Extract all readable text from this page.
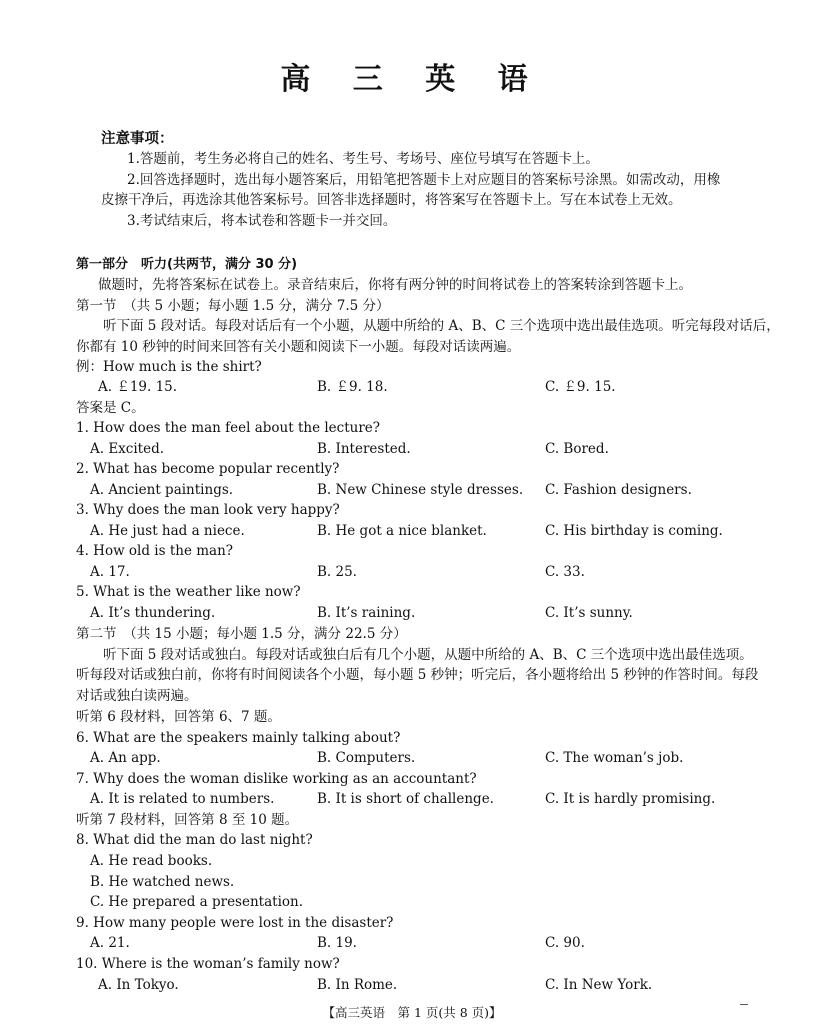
高 三 英 语
注意事项：
1.答题前，考生务必将自己的姓名、考生号、考场号、座位号填写在答题卡上。
2.回答选择题时，选出每小题答案后，用铅笔把答题卡上对应题目的答案标号涂黑。如需改动，用橡
皮擦干净后，再选涂其他答案标号。回答非选择题时，将答案写在答题卡上。写在本试卷上无效。
3.考试结束后，将本试卷和答题卡一并交回。
第一部分　听力(共两节，满分 30 分)
做题时，先将答案标在试卷上。录音结束后，你将有两分钟的时间将试卷上的答案转涂到答题卡上。
第一节　（共 5 小题；每小题 1.5 分，满分 7.5 分）
听下面 5 段对话。每段对话后有一个小题，从题中所给的 A、B、C 三个选项中选出最佳选项。听完每段对话后，
你都有 10 秒钟的时间来回答有关小题和阅读下一小题。每段对话读两遍。
例：How much is the shirt?
A. ￡19. 15.	B. ￡9. 18.	C. ￡9. 15.
答案是 C。
1. How does the man feel about the lecture?
A. Excited.	B. Interested.	C. Bored.
2. What has become popular recently?
A. Ancient paintings.	B. New Chinese style dresses. C. Fashion designers.
3. Why does the man look very happy?
A. He just had a niece.	B. He got a nice blanket.	C. His birthday is coming.
4. How old is the man?
A. 17.	B. 25.	C. 33.
5. What is the weather like now?
A. It’s thundering.	B. It’s raining.	C. It’s sunny.
第二节　（共 15 小题；每小题 1.5 分，满分 22.5 分）
听下面 5 段对话或独白。每段对话或独白后有几个小题，从题中所给的 A、B、C 三个选项中选出最佳选项。
听每段对话或独白前，你将有时间阅读各个小题，每小题 5 秒钟；听完后，各小题将给出 5 秒钟的作答时间。每段
对话或独白读两遍。
听第 6 段材料，回答第 6、7 题。
6. What are the speakers mainly talking about?
A. An app.	B. Computers.	C. The woman’s job.
7. Why does the woman dislike working as an accountant?
A. It is related to numbers.	B. It is short of challenge.	C. It is hardly promising.
听第 7 段材料，回答第 8 至 10 题。
8. What did the man do last night?
A. He read books.
B. He watched news.
C. He prepared a presentation.
9. How many people were lost in the disaster?
A. 21.	B. 19.	C. 90.
10. Where is the woman’s family now?
A. In Tokyo.	B. In Rome.	C. In New York.
【高三英语　第 1 页(共 8 页)】
